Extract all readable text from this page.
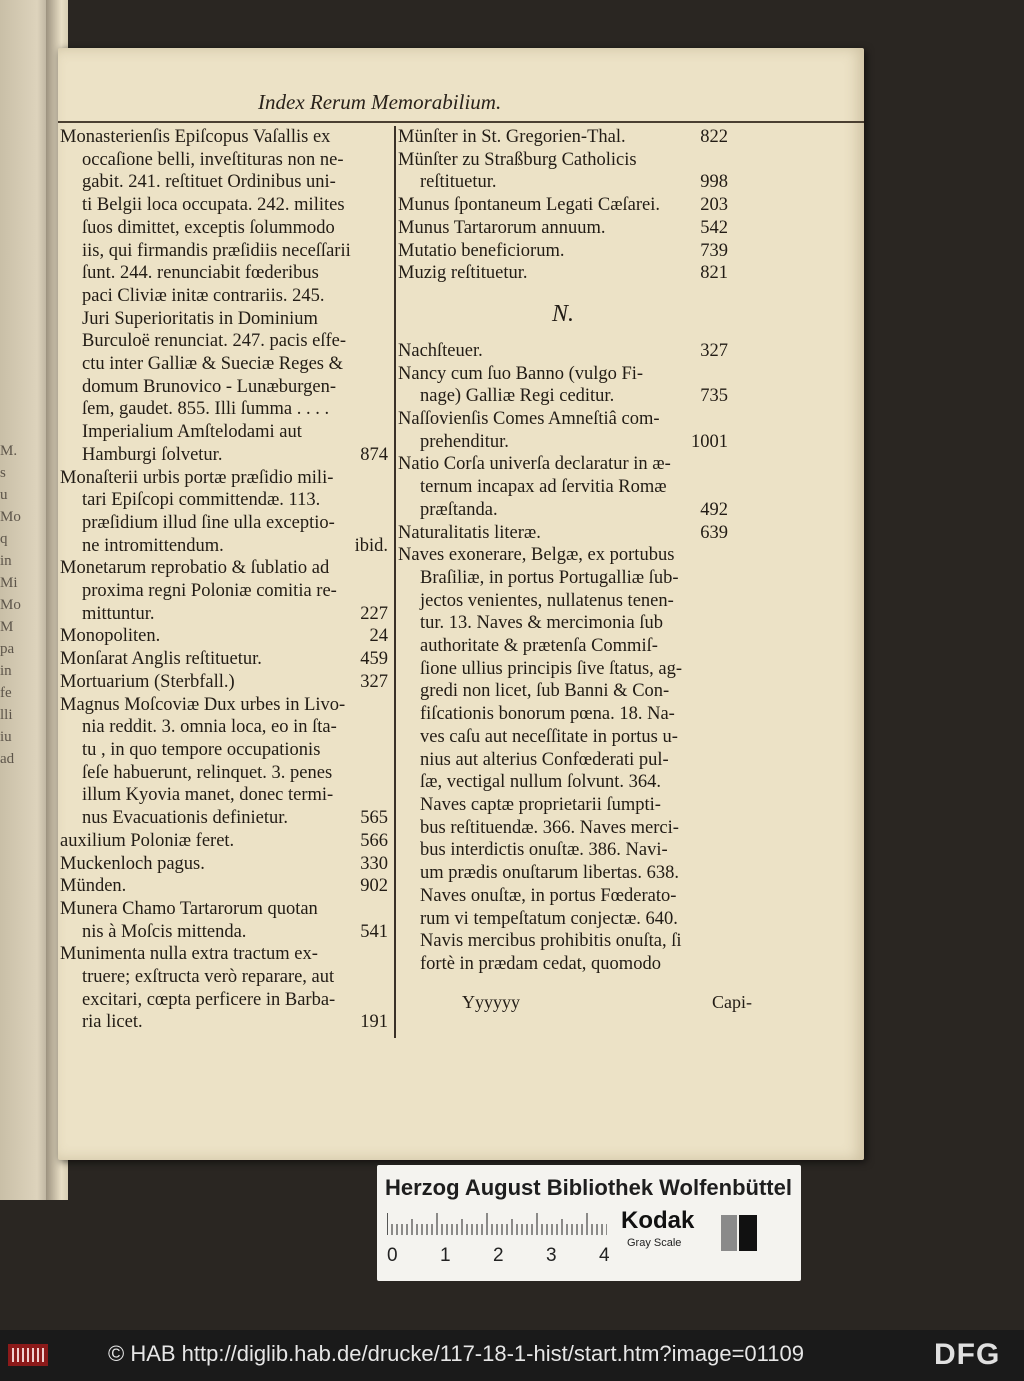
M.
s
u
Mo
q
in
Mi
Mo
M
pa
in
fe
lli
iu
ad
Index Rerum Memorabilium.
Monasterienſis Epiſcopus Vaſallis ex
occaſione belli, inveſtituras non ne-
gabit. 241. reſtituet Ordinibus uni-
ti Belgii loca occupata. 242. milites
ſuos dimittet, exceptis ſolummodo
iis, qui firmandis præſidiis neceſſarii
ſunt. 244. renunciabit fœderibus
paci Cliviæ initæ contrariis. 245.
Juri Superioritatis in Dominium
Burculoë renunciat. 247. pacis eſfe-
ctu inter Galliæ & Sueciæ Reges &
domum Brunovico - Lunæburgen-
ſem, gaudet. 855. Illi ſumma . . . .
Imperialium Amſtelodami aut
874
Hamburgi ſolvetur.
Monaſterii urbis portæ præſidio mili-
tari Epiſcopi committendæ. 113.
præſidium illud ſine ulla exceptio-
ibid.
ne intromittendum.
Monetarum reprobatio & ſublatio ad
proxima regni Poloniæ comitia re-
227
mittuntur.
24
Monopoliten.
459
Monſarat Anglis reſtituetur.
327
Mortuarium (Sterbfall.)
Magnus Moſcoviæ Dux urbes in Livo-
nia reddit. 3. omnia loca, eo in ſta-
tu , in quo tempore occupationis
ſeſe habuerunt, relinquet. 3. penes
illum Kyovia manet, donec termi-
565
nus Evacuationis definietur.
566
auxilium Poloniæ feret.
330
Muckenloch pagus.
902
Münden.
Munera Chamo Tartarorum quotan
541
nis à Moſcis mittenda.
Munimenta nulla extra tractum ex-
truere; exſtructa verò reparare, aut
excitari, cœpta perficere in Barba-
191
ria licet.
822
Münſter in St. Gregorien-Thal.
Münſter zu Straßburg Catholicis
998
reſtituetur.
203
Munus ſpontaneum Legati Cæſarei.
542
Munus Tartarorum annuum.
739
Mutatio beneficiorum.
821
Muzig reſtituetur.
N.
327
Nachſteuer.
Nancy cum ſuo Banno (vulgo Fi-
735
nage) Galliæ Regi ceditur.
Naſſovienſis Comes Amneſtiâ com-
1001
prehenditur.
Natio Corſa univerſa declaratur in æ-
ternum incapax ad ſervitia Romæ
492
præſtanda.
639
Naturalitatis literæ.
Naves exonerare, Belgæ, ex portubus
Braſiliæ, in portus Portugalliæ ſub-
jectos venientes, nullatenus tenen-
tur. 13. Naves & mercimonia ſub
authoritate & prætenſa Commiſ-
ſione ullius principis ſive ſtatus, ag-
gredi non licet, ſub Banni & Con-
fiſcationis bonorum pœna. 18. Na-
ves caſu aut neceſſitate in portus u-
nius aut alterius Confœderati pul-
ſæ, vectigal nullum ſolvunt. 364.
Naves captæ proprietarii ſumpti-
bus reſtituendæ. 366. Naves merci-
bus interdictis onuſtæ. 386. Navi-
um prædis onuſtarum libertas. 638.
Naves onuſtæ, in portus Fœderato-
rum vi tempeſtatum conjectæ. 640.
Navis mercibus prohibitis onuſta, ſi
fortè in prædam cedat, quomodo
Yyyyyy	Capi-
Herzog August Bibliothek Wolfenbüttel
0 1 2 3 4
Kodak
Gray Scale
© HAB http://diglib.hab.de/drucke/117-18-1-hist/start.htm?image=01109	DFG
